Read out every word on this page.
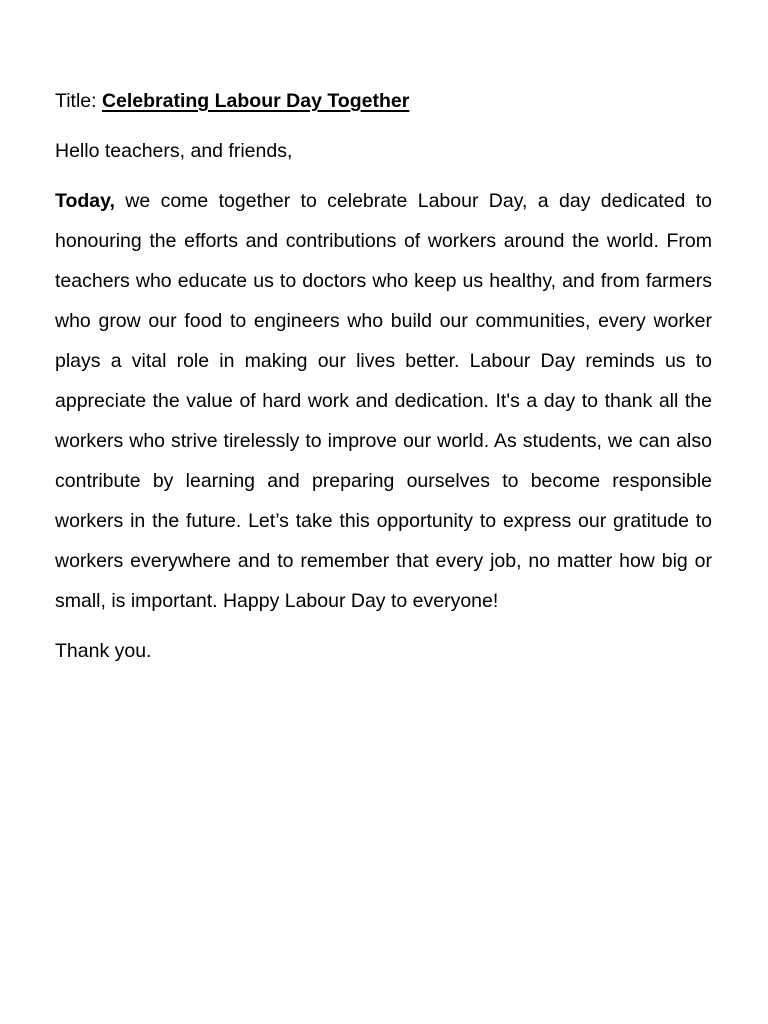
Title: Celebrating Labour Day Together

Hello teachers, and friends,

Today, we come together to celebrate Labour Day, a day dedicated to honouring the efforts and contributions of workers around the world. From teachers who educate us to doctors who keep us healthy, and from farmers who grow our food to engineers who build our communities, every worker plays a vital role in making our lives better. Labour Day reminds us to appreciate the value of hard work and dedication. It's a day to thank all the workers who strive tirelessly to improve our world. As students, we can also contribute by learning and preparing ourselves to become responsible workers in the future. Let’s take this opportunity to express our gratitude to workers everywhere and to remember that every job, no matter how big or small, is important. Happy Labour Day to everyone!

Thank you.
